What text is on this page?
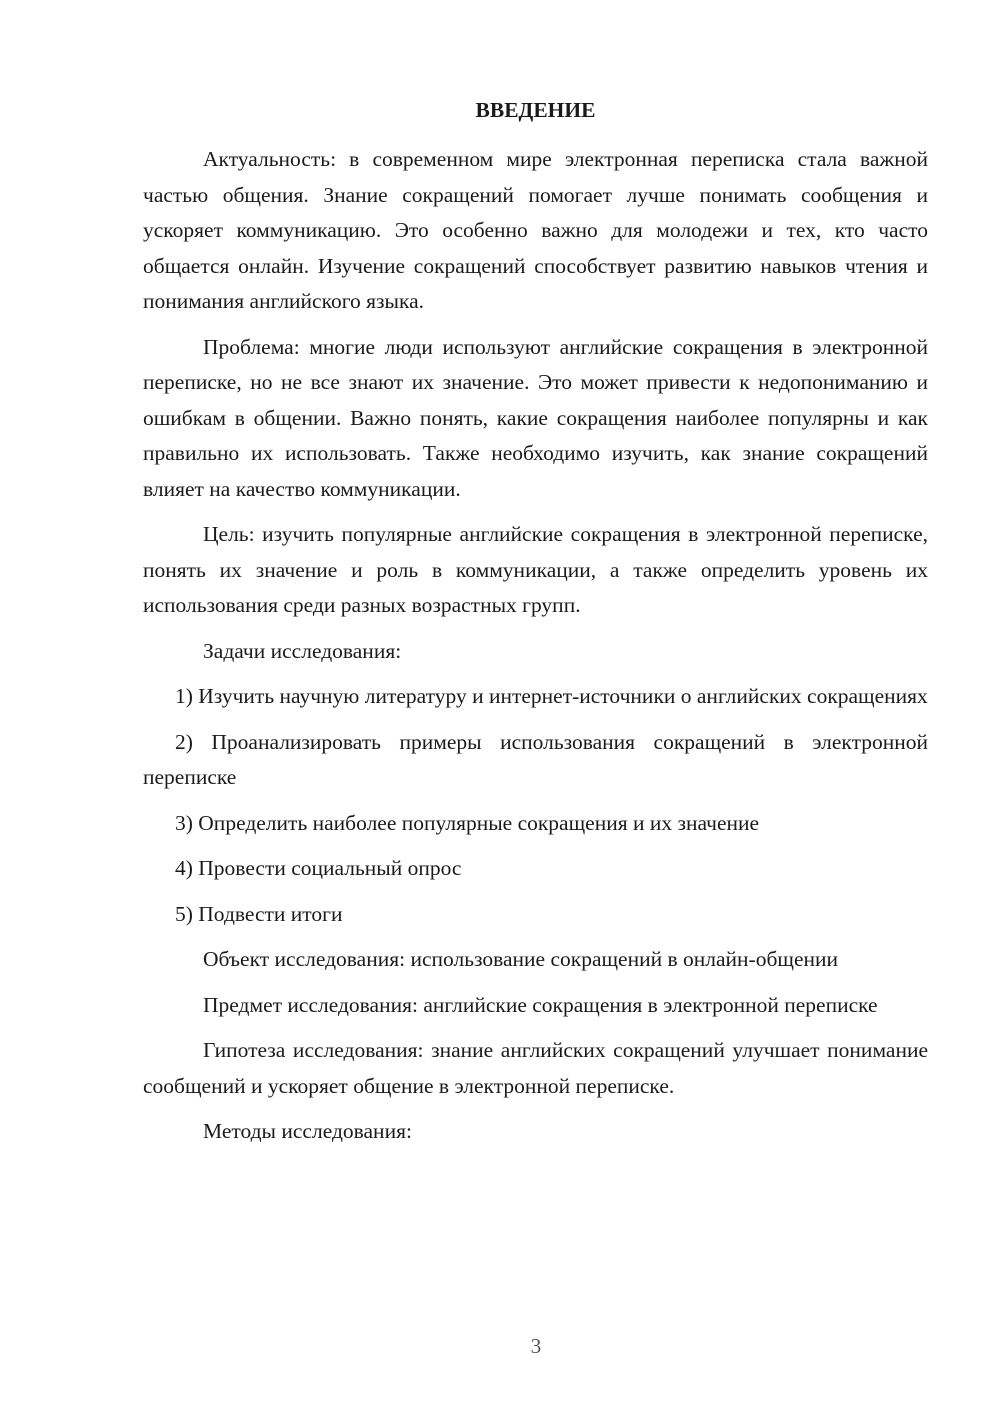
ВВЕДЕНИЕ

Актуальность: в современном мире электронная переписка стала важной частью общения. Знание сокращений помогает лучше понимать сообщения и ускоряет коммуникацию. Это особенно важно для молодежи и тех, кто часто общается онлайн. Изучение сокращений способствует развитию навыков чтения и понимания английского языка.

Проблема: многие люди используют английские сокращения в электронной переписке, но не все знают их значение. Это может привести к недопониманию и ошибкам в общении. Важно понять, какие сокращения наиболее популярны и как правильно их использовать. Также необходимо изучить, как знание сокращений влияет на качество коммуникации.

Цель: изучить популярные английские сокращения в электронной переписке, понять их значение и роль в коммуникации, а также определить уровень их использования среди разных возрастных групп.

Задачи исследования:

1) Изучить научную литературу и интернет-источники о английских сокращениях

2) Проанализировать примеры использования сокращений в электронной переписке

3) Определить наиболее популярные сокращения и их значение

4) Провести социальный опрос

5) Подвести итоги

Объект исследования: использование сокращений в онлайн-общении

Предмет исследования: английские сокращения в электронной переписке

Гипотеза исследования: знание английских сокращений улучшает понимание сообщений и ускоряет общение в электронной переписке.

Методы исследования:

3
